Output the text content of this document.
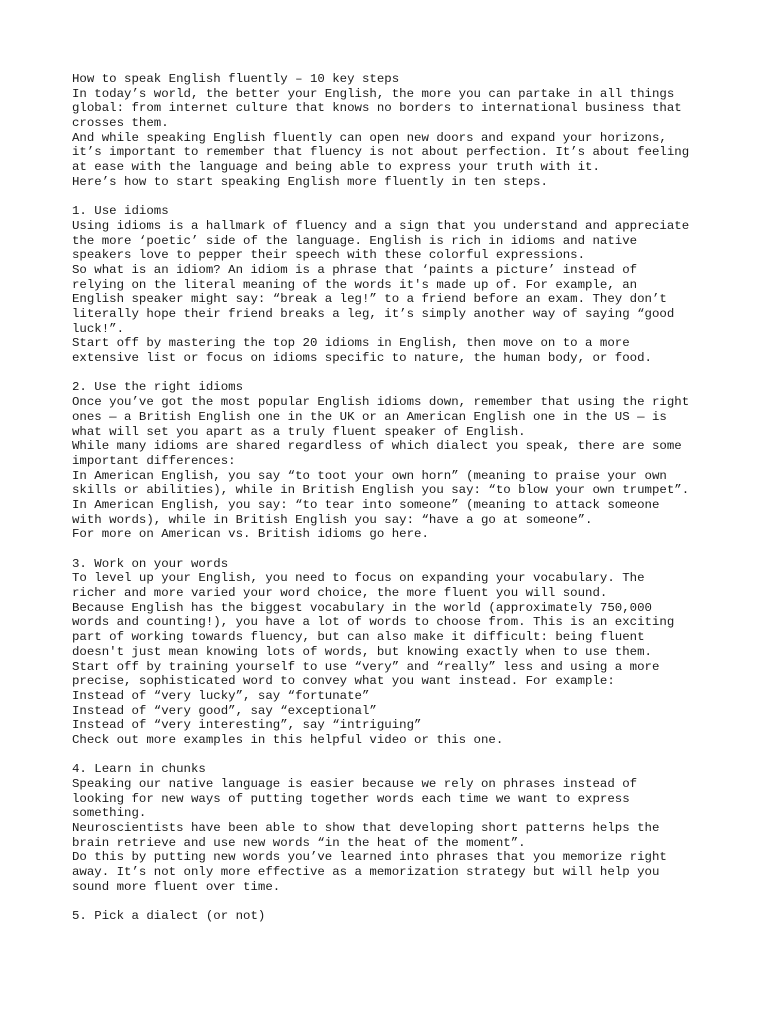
How to speak English fluently – 10 key steps
In today’s world, the better your English, the more you can partake in all things
global: from internet culture that knows no borders to international business that
crosses them.
And while speaking English fluently can open new doors and expand your horizons,
it’s important to remember that fluency is not about perfection. It’s about feeling
at ease with the language and being able to express your truth with it.
Here’s how to start speaking English more fluently in ten steps.
1. Use idioms
Using idioms is a hallmark of fluency and a sign that you understand and appreciate
the more ‘poetic’ side of the language. English is rich in idioms and native
speakers love to pepper their speech with these colorful expressions.
So what is an idiom? An idiom is a phrase that ‘paints a picture’ instead of
relying on the literal meaning of the words it's made up of. For example, an
English speaker might say: “break a leg!” to a friend before an exam. They don’t
literally hope their friend breaks a leg, it’s simply another way of saying “good
luck!”.
Start off by mastering the top 20 idioms in English, then move on to a more
extensive list or focus on idioms specific to nature, the human body, or food.
2. Use the right idioms
Once you’ve got the most popular English idioms down, remember that using the right
ones — a British English one in the UK or an American English one in the US — is
what will set you apart as a truly fluent speaker of English.
While many idioms are shared regardless of which dialect you speak, there are some
important differences:
In American English, you say “to toot your own horn” (meaning to praise your own
skills or abilities), while in British English you say: “to blow your own trumpet”.
In American English, you say: “to tear into someone” (meaning to attack someone
with words), while in British English you say: “have a go at someone”.
For more on American vs. British idioms go here.
3. Work on your words
To level up your English, you need to focus on expanding your vocabulary. The
richer and more varied your word choice, the more fluent you will sound.
Because English has the biggest vocabulary in the world (approximately 750,000
words and counting!), you have a lot of words to choose from. This is an exciting
part of working towards fluency, but can also make it difficult: being fluent
doesn't just mean knowing lots of words, but knowing exactly when to use them.
Start off by training yourself to use “very” and “really” less and using a more
precise, sophisticated word to convey what you want instead. For example:
Instead of “very lucky”, say “fortunate”
Instead of “very good”, say “exceptional”
Instead of “very interesting”, say “intriguing”
Check out more examples in this helpful video or this one.
4. Learn in chunks
Speaking our native language is easier because we rely on phrases instead of
looking for new ways of putting together words each time we want to express
something.
Neuroscientists have been able to show that developing short patterns helps the
brain retrieve and use new words “in the heat of the moment”.
Do this by putting new words you’ve learned into phrases that you memorize right
away. It’s not only more effective as a memorization strategy but will help you
sound more fluent over time.
5. Pick a dialect (or not)
